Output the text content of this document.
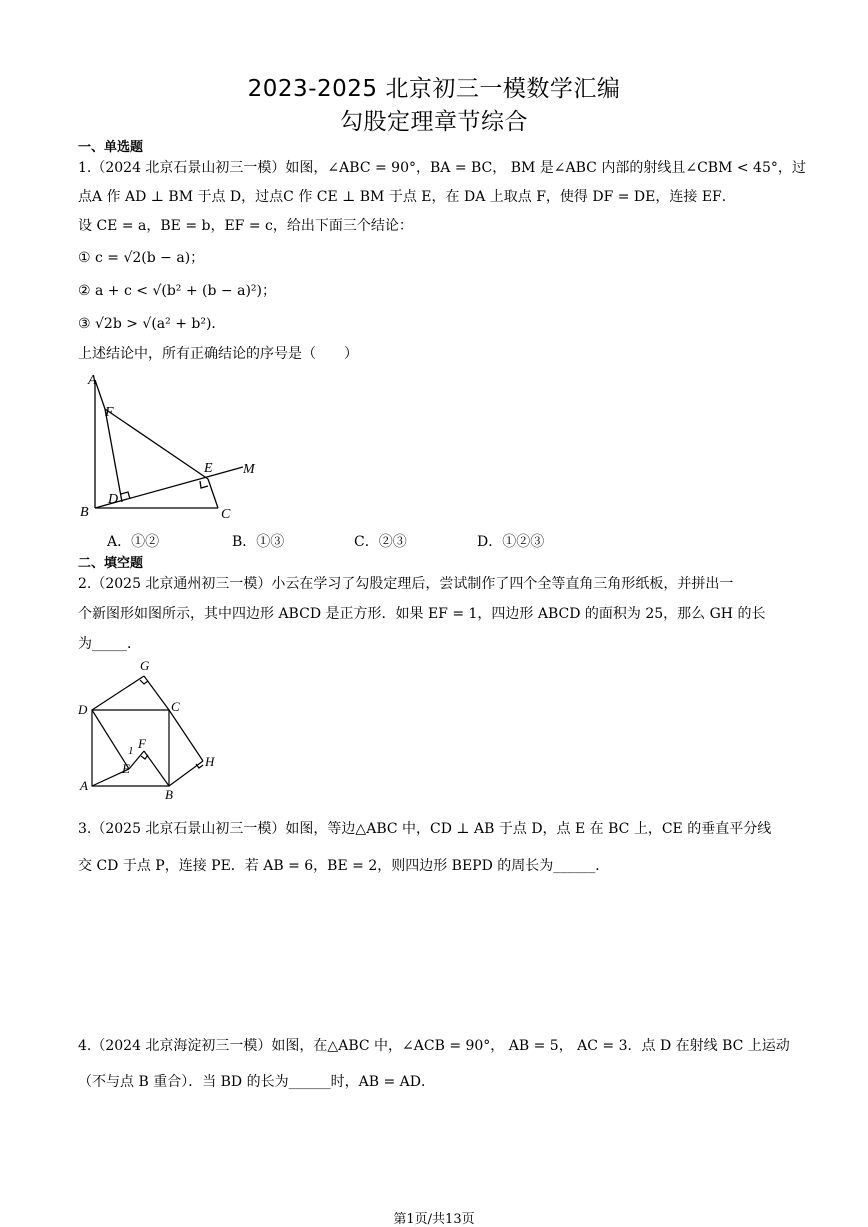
2023-2025 北京初三一模数学汇编
勾股定理章节综合
一、单选题
1.（2024 北京石景山初三一模）如图，∠ABC = 90°，BA = BC， BM 是∠ABC 内部的射线且∠CBM < 45°，过
点A 作 AD ⊥ BM 于点 D，过点C 作 CE ⊥ BM 于点 E，在 DA 上取点 F，使得 DF = DE，连接 EF．
设 CE = a，BE = b，EF = c，给出下面三个结论：
① c = √2(b − a)；
② a + c < √(b² + (b − a)²)；
③ √2b > √(a² + b²)．
上述结论中，所有正确结论的序号是（　　）
A
F
E M
D
B	C
A．①②	B．①③	C．②③	D．①②③
二、填空题
2.（2025 北京通州初三一模）小云在学习了勾股定理后，尝试制作了四个全等直角三角形纸板，并拼出一
个新图形如图所示，其中四边形 ABCD 是正方形．如果 EF = 1，四边形 ABCD 的面积为 25，那么 GH 的长
为_____．
G
D	C
F
1
E	H
A
B
3.（2025 北京石景山初三一模）如图，等边△ABC 中，CD ⊥ AB 于点 D，点 E 在 BC 上，CE 的垂直平分线
交 CD 于点 P，连接 PE．若 AB = 6，BE = 2，则四边形 BEPD 的周长为______．
4.（2024 北京海淀初三一模）如图，在△ABC 中，∠ACB = 90°， AB = 5， AC = 3．点 D 在射线 BC 上运动
（不与点 B 重合）．当 BD 的长为______时，AB = AD．
第1页/共13页
